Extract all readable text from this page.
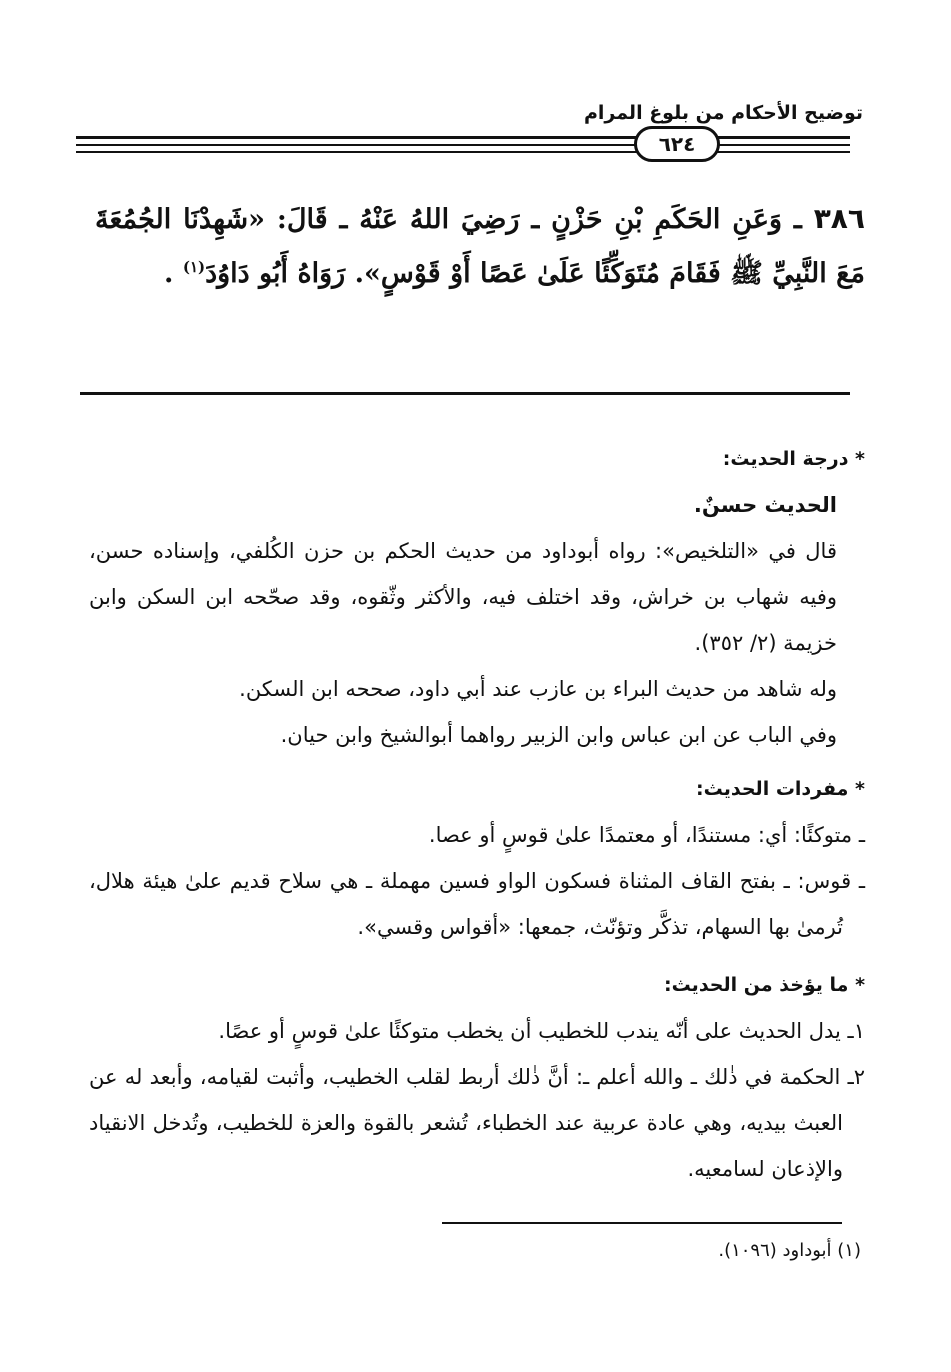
توضيح الأحكام من بلوغ المرام
٦٢٤
٣٨٦ ـ وَعَنِ الحَكَمِ بْنِ حَزْنٍ ـ رَضِيَ اللهُ عَنْهُ ـ قَالَ: «شَهِدْنَا الجُمُعَةَ مَعَ النَّبِيِّ ﷺ فَقَامَ مُتَوَكِّئًا عَلَىٰ عَصًا أَوْ قَوْسٍ». رَوَاهُ أَبُو دَاوُدَ$^{(١)}$ .

* درجة الحديث:

الحديث حسنٌ.

قال في «التلخيص»: رواه أبوداود من حديث الحكم بن حزن الكُلفي، وإسناده حسن، وفيه شهاب بن خراش، وقد اختلف فيه، والأكثر وثّقوه، وقد صحّحه ابن السكن وابن خزيمة (٢/ ٣٥٢).

وله شاهد من حديث البراء بن عازب عند أبي داود، صححه ابن السكن.

وفي الباب عن ابن عباس وابن الزبير رواهما أبوالشيخ وابن حيان.

* مفردات الحديث:

ـ متوكئًا: أي: مستندًا، أو معتمدًا علىٰ قوسٍ أو عصا.

ـ قوس: ـ بفتح القاف المثناة فسكون الواو فسين مهملة ـ هي سلاح قديم علىٰ هيئة هلال، تُرمىٰ بها السهام، تذكَّر وتؤنّث، جمعها: «أقواس وقسي».

* ما يؤخذ من الحديث:

١ـ يدل الحديث على أنّه يندب للخطيب أن يخطب متوكئًا علىٰ قوسٍ أو عصًا.

٢ـ الحكمة في ذٰلك ـ والله أعلم ـ: أنَّ ذٰلك أربط لقلب الخطيب، وأثبت لقيامه، وأبعد له عن العبث بيديه، وهي عادة عربية عند الخطباء، تُشعر بالقوة والعزة للخطيب، وتُدخل الانقياد والإذعان لسامعيه.

(١) أبوداود (١٠٩٦).
